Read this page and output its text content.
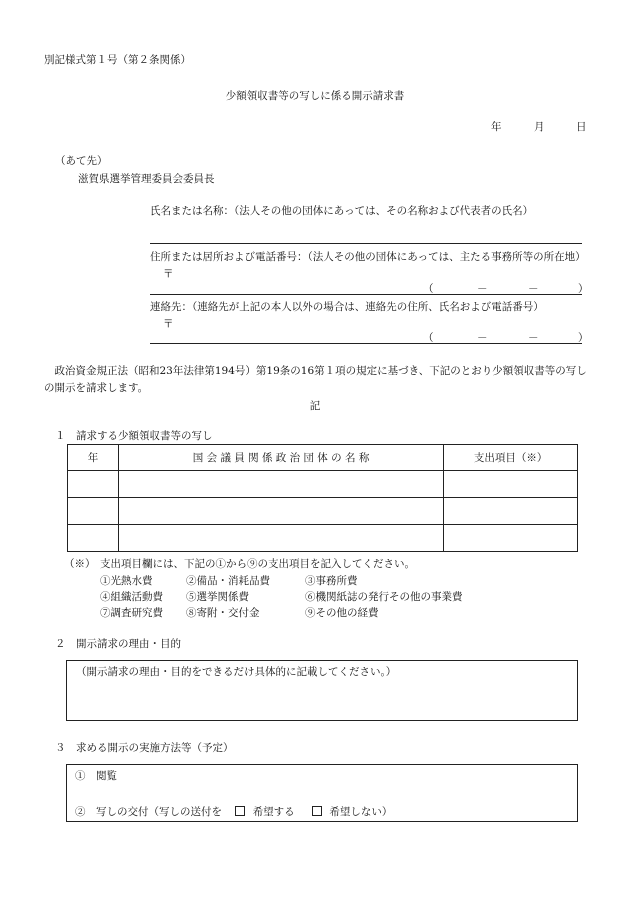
別記様式第１号（第２条関係）
少額領収書等の写しに係る開示請求書
年	月	日
（あて先）
滋賀県選挙管理委員会委員長
氏名または名称：（法人その他の団体にあっては、その名称および代表者の氏名）
住所または居所および電話番号：（法人その他の団体にあっては、主たる事務所等の所在地）
〒
（	－	－	）
連絡先：（連絡先が上記の本人以外の場合は、連絡先の住所、氏名および電話番号）
〒
（	－	－	）
　政治資金規正法（昭和23年法律第194号）第19条の16第１項の規定に基づき、下記のとおり少額領収書等の写し
の開示を請求します。
記
１　請求する少額領収書等の写し
年	国 会 議 員 関 係 政 治 団 体 の 名 称	支出項目（※）

（※） 支出項目欄には、下記の①から⑨の支出項目を記入してください。
①光熱水費	②備品・消耗品費	③事務所費
④組織活動費 ⑤選挙関係費	⑥機関紙誌の発行その他の事業費
⑦調査研究費 ⑧寄附・交付金	⑨その他の経費
２　開示請求の理由・目的
（開示請求の理由・目的をできるだけ具体的に記載してください。）
３　求める開示の実施方法等（予定）
①　閲覧
②　写しの交付（写しの送付を	希望する	希望しない）
